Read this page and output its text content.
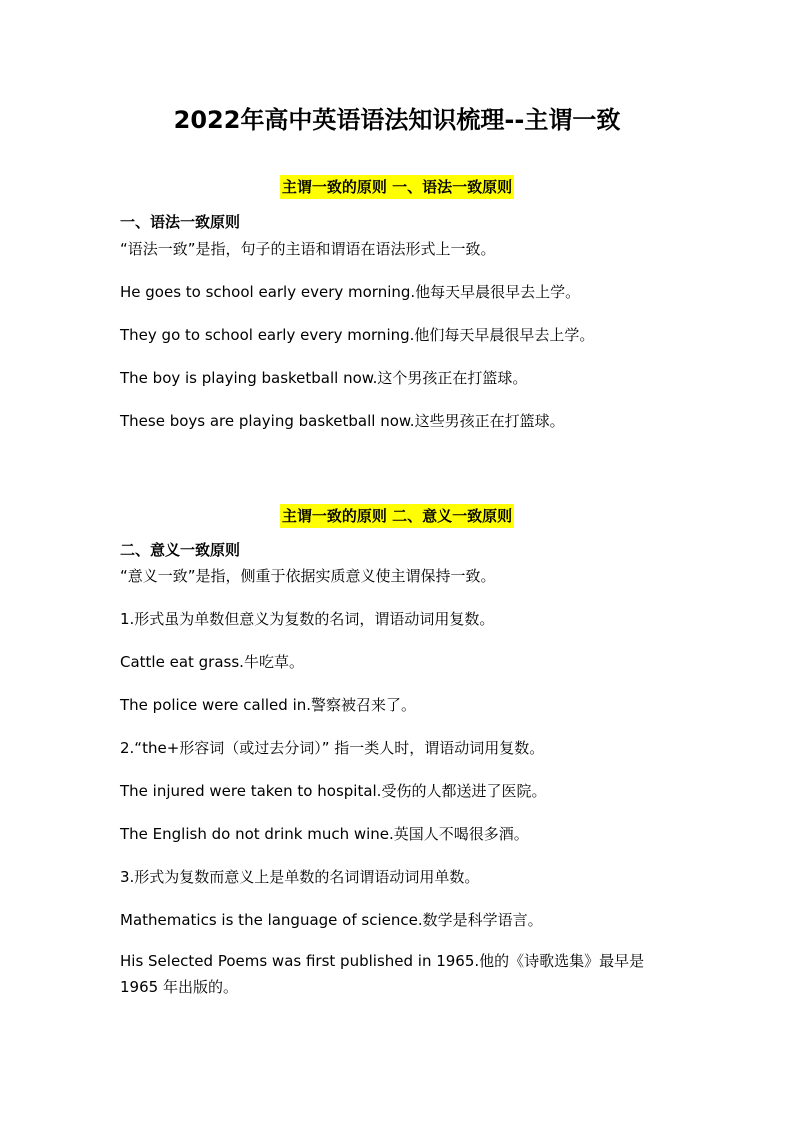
2022年高中英语语法知识梳理--主谓一致
主谓一致的原则 一、语法一致原则
一、语法一致原则
“语法一致”是指，句子的主语和谓语在语法形式上一致。
He goes to school early every morning.他每天早晨很早去上学。
They go to school early every morning.他们每天早晨很早去上学。
The boy is playing basketball now.这个男孩正在打篮球。
These boys are playing basketball now.这些男孩正在打篮球。
主谓一致的原则 二、意义一致原则
二、意义一致原则
“意义一致”是指，侧重于依据实质意义使主谓保持一致。
1.形式虽为单数但意义为复数的名词，谓语动词用复数。
Cattle eat grass.牛吃草。
The police were called in.警察被召来了。
2.“the+形容词（或过去分词）” 指一类人时，谓语动词用复数。
The injured were taken to hospital.受伤的人都送进了医院。
The English do not drink much wine.英国人不喝很多酒。
3.形式为复数而意义上是单数的名词谓语动词用单数。
Mathematics is the language of science.数学是科学语言。
His Selected Poems was first published in 1965.他的《诗歌选集》最早是 1965 年出版的。
